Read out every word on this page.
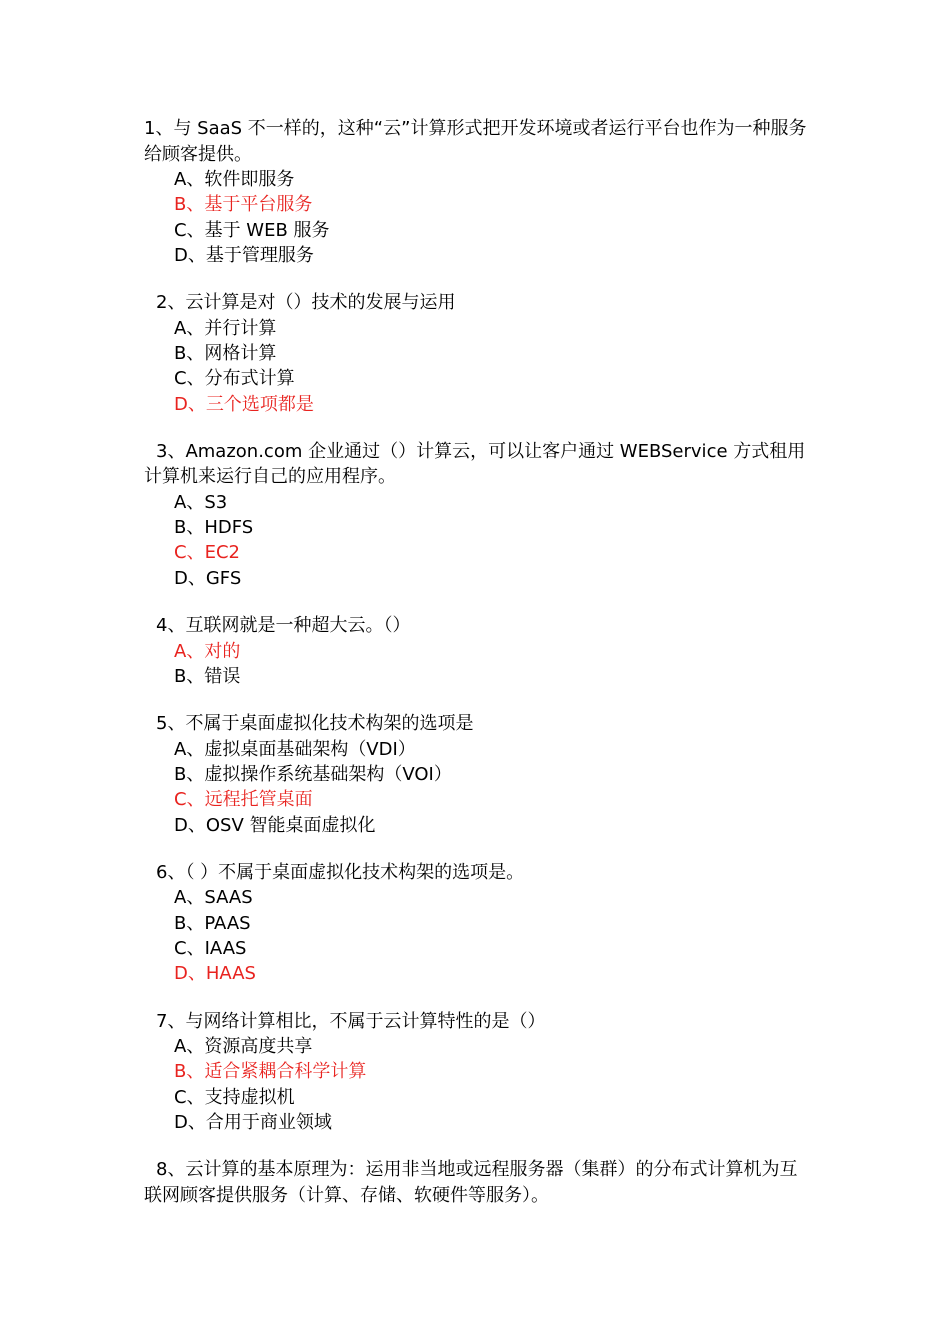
1、与 SaaS 不一样的，这种“云”计算形式把开发环境或者运行平台也作为一种服务给顾客提供。

A、软件即服务

B、基于平台服务

C、基于 WEB 服务

D、基于管理服务

2、云计算是对（）技术的发展与运用

A、并行计算

B、网格计算

C、分布式计算

D、三个选项都是

3、Amazon.com 企业通过（）计算云，可以让客户通过 WEBService 方式租用计算机来运行自己的应用程序。

A、S3

B、HDFS

C、EC2

D、GFS

4、互联网就是一种超大云。（）

A、对的

B、错误

5、不属于桌面虚拟化技术构架的选项是

A、虚拟桌面基础架构（VDI）

B、虚拟操作系统基础架构（VOI）

C、远程托管桌面

D、OSV 智能桌面虚拟化

6、（ ）不属于桌面虚拟化技术构架的选项是。

A、SAAS

B、PAAS

C、IAAS

D、HAAS

7、与网络计算相比，不属于云计算特性的是（）

A、资源高度共享

B、适合紧耦合科学计算

C、支持虚拟机

D、合用于商业领域

8、云计算的基本原理为：运用非当地或远程服务器（集群）的分布式计算机为互联网顾客提供服务（计算、存储、软硬件等服务）。
